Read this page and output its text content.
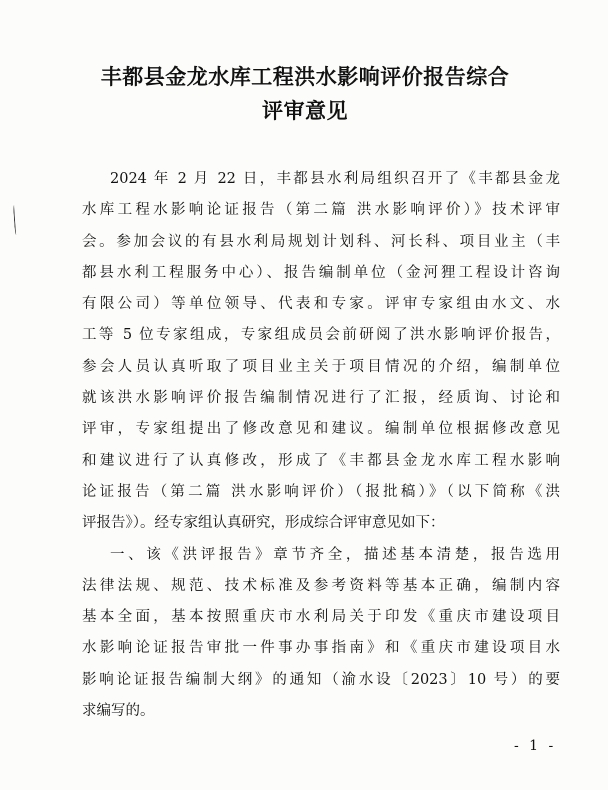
丰都县金龙水库工程洪水影响评价报告综合
评审意见
2024 年 2 月 22 日，丰都县水利局组织召开了《丰都县金龙
水库工程水影响论证报告（第二篇 洪水影响评价）》技术评审
会。参加会议的有县水利局规划计划科、河长科、项目业主（丰
都县水利工程服务中心）、报告编制单位（金河狸工程设计咨询
有限公司）等单位领导、代表和专家。评审专家组由水文、水
工等 5 位专家组成，专家组成员会前研阅了洪水影响评价报告，
参会人员认真听取了项目业主关于项目情况的介绍，编制单位
就该洪水影响评价报告编制情况进行了汇报，经质询、讨论和
评审，专家组提出了修改意见和建议。编制单位根据修改意见
和建议进行了认真修改，形成了《丰都县金龙水库工程水影响
论证报告（第二篇 洪水影响评价）（报批稿）》（以下简称《洪
评报告》）。经专家组认真研究，形成综合评审意见如下：
一、该《洪评报告》章节齐全，描述基本清楚，报告选用
法律法规、规范、技术标准及参考资料等基本正确，编制内容
基本全面，基本按照重庆市水利局关于印发《重庆市建设项目
水影响论证报告审批一件事办事指南》和《重庆市建设项目水
影响论证报告编制大纲》的通知（渝水设〔2023〕10 号）的要
求编写的。
- 1 -
